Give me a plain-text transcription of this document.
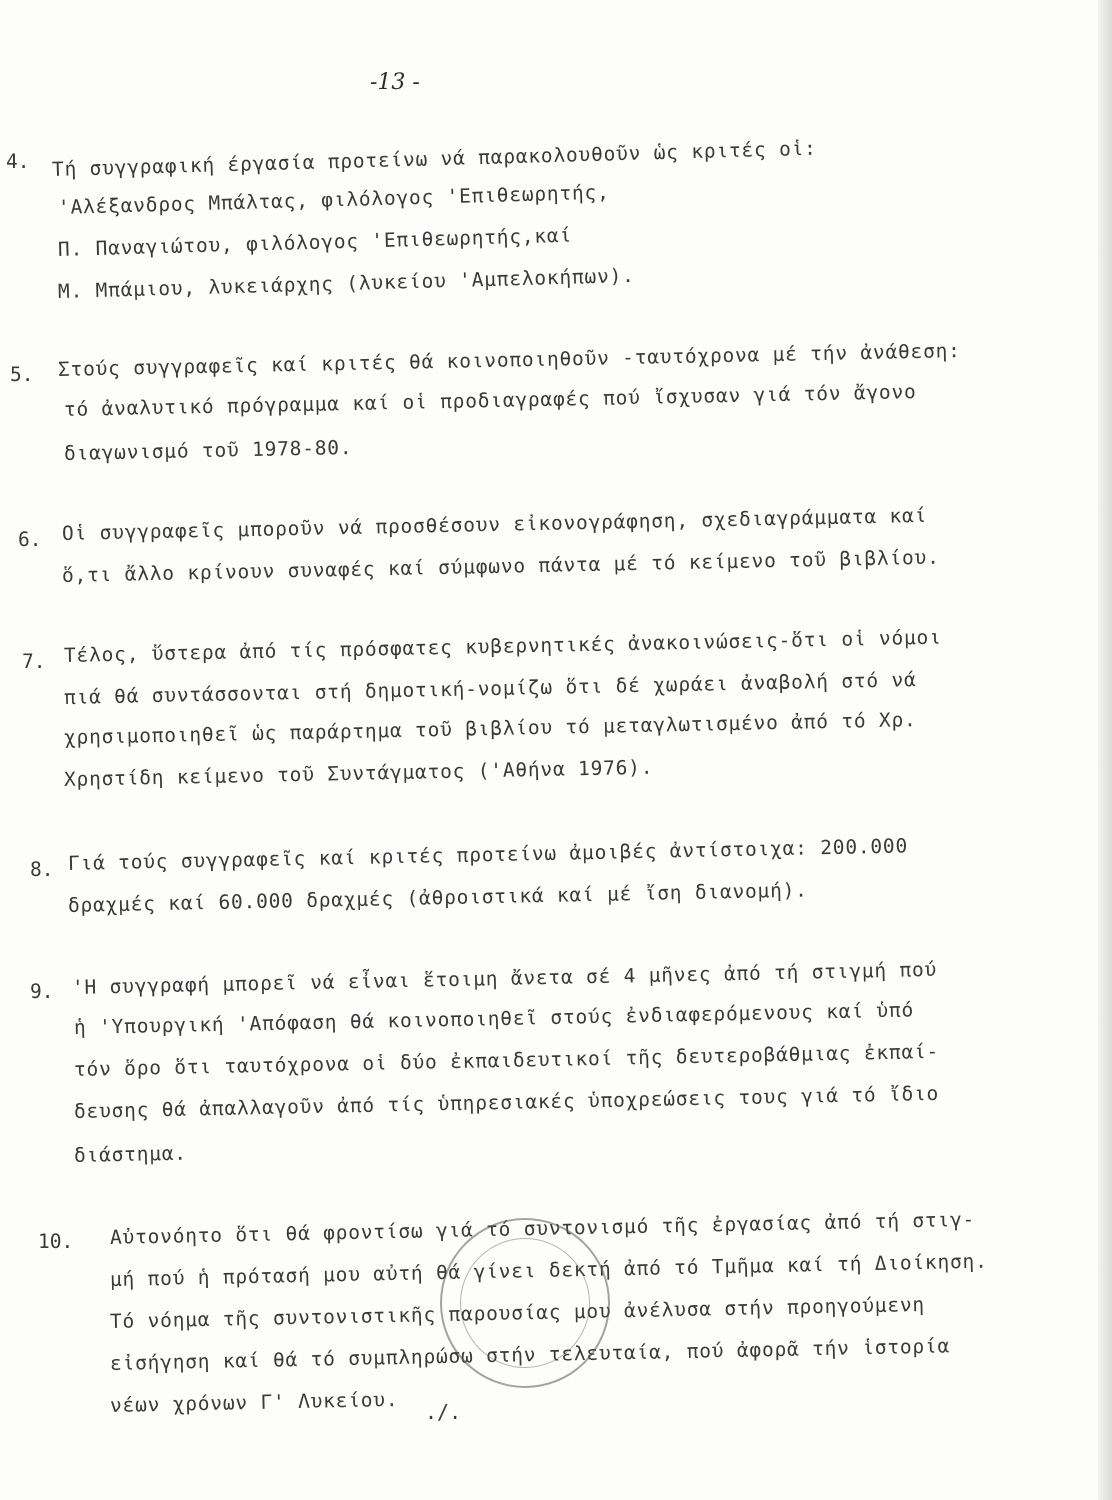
-13 -
4. Τή συγγραφική έργασία προτείνω νά παρακολουθοῦν ὡς κριτές οἱ:
'Αλέξανδρος Μπάλτας, φιλόλογος 'Επιθεωρητής,
Π. Παναγιώτου, φιλόλογος 'Επιθεωρητής,καί
Μ. Μπάμιου, λυκειάρχης (λυκείου 'Αμπελοκήπων).
5. Στούς συγγραφεῖς καί κριτές θά κοινοποιηθοῦν -ταυτόχρονα μέ τήν ἀνάθεση:
τό ἀναλυτικό πρόγραμμα καί οἱ προδιαγραφές πού ἴσχυσαν γιά τόν ἄγονο
διαγωνισμό τοῦ 1978-80.
6. Οἱ συγγραφεῖς μποροῦν νά προσθέσουν εἰκονογράφηση, σχεδιαγράμματα καί
ὅ,τι ἄλλο κρίνουν συναφές καί σύμφωνο πάντα μέ τό κείμενο τοῦ βιβλίου.
7. Τέλος, ὕστερα ἀπό τίς πρόσφατες κυβερνητικές ἀνακοινώσεις-ὅτι οἱ νόμοι
πιά θά συντάσσονται στή δημοτική-νομίζω ὅτι δέ χωράει ἀναβολή στό νά
χρησιμοποιηθεῖ ὡς παράρτημα τοῦ βιβλίου τό μεταγλωτισμένο ἀπό τό Χρ.
Χρηστίδη κείμενο τοῦ Συντάγματος ('Αθήνα 1976).
8. Γιά τούς συγγραφεῖς καί κριτές προτείνω ἀμοιβές ἀντίστοιχα: 200.000
δραχμές καί 60.000 δραχμές (ἀθροιστικά καί μέ ἴση διανομή).
9. 'Η συγγραφή μπορεῖ νά εἶναι ἕτοιμη ἄνετα σέ 4 μῆνες ἀπό τή στιγμή πού
ἡ 'Υπουργική 'Απόφαση θά κοινοποιηθεῖ στούς ἐνδιαφερόμενους καί ὑπό
τόν ὅρο ὅτι ταυτόχρονα οἱ δύο ἐκπαιδευτικοί τῆς δευτεροβάθμιας ἐκπαί-
δευσης θά ἀπαλλαγοῦν ἀπό τίς ὑπηρεσιακές ὑποχρεώσεις τους γιά τό ἴδιο
διάστημα.
10. Αὐτονόητο ὅτι θά φροντίσω γιά τό συντονισμό τῆς ἐργασίας ἀπό τή στιγ-
μή πού ἡ πρότασή μου αὐτή θά γίνει δεκτή ἀπό τό Τμῆμα καί τή Διοίκηση.
Τό νόημα τῆς συντονιστικῆς παρουσίας μου ἀνέλυσα στήν προηγούμενη
εἰσήγηση καί θά τό συμπληρώσω στήν τελευταία, πού ἀφορᾶ τήν ἱστορία
νέων χρόνων Γ' Λυκείου. ./.
